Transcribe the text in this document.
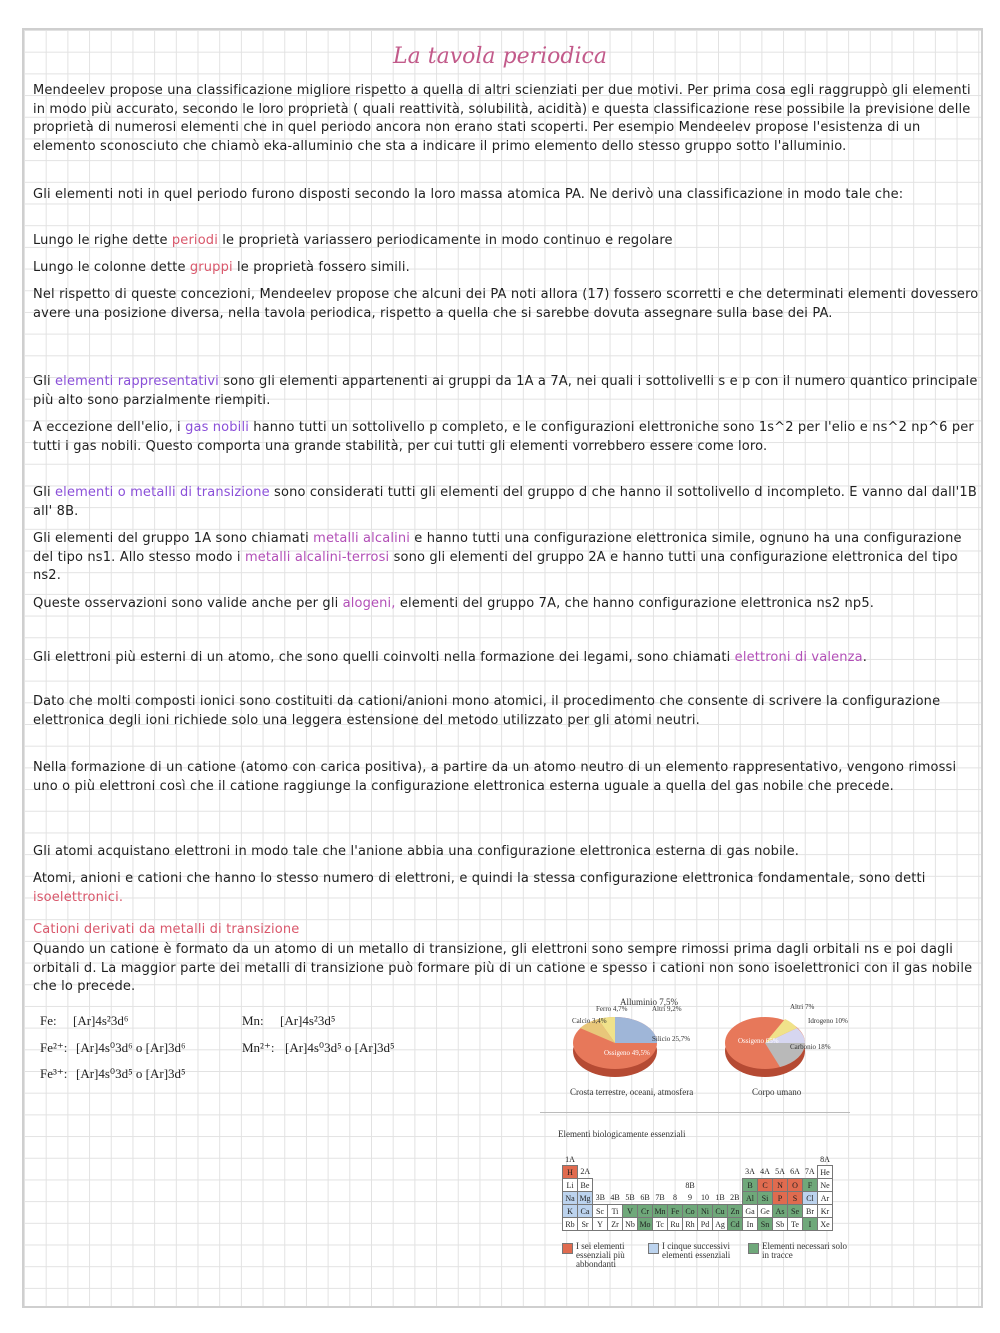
La tavola periodica
Mendeelev propose una classificazione migliore rispetto a quella di altri scienziati per due motivi. Per prima cosa egli raggruppò gli elementi in modo più accurato, secondo le loro proprietà ( quali reattività, solubilità, acidità) e questa classificazione rese possibile la previsione delle proprietà di numerosi elementi che in quel periodo ancora non erano stati scoperti. Per esempio Mendeelev propose l'esistenza di un elemento sconosciuto che chiamò eka-alluminio che sta a indicare il primo elemento dello stesso gruppo sotto l'alluminio.
Gli elementi noti in quel periodo furono disposti secondo la loro massa atomica PA. Ne derivò una classificazione in modo tale che:
Lungo le righe dette periodi le proprietà variassero periodicamente in modo continuo e regolare
Lungo le colonne dette gruppi le proprietà fossero simili.
Nel rispetto di queste concezioni, Mendeelev propose che alcuni dei PA noti allora (17) fossero scorretti e che determinati elementi dovessero avere una posizione diversa, nella tavola periodica, rispetto a quella che si sarebbe dovuta assegnare sulla base dei PA.
Gli elementi rappresentativi sono gli elementi appartenenti ai gruppi da 1A a 7A, nei quali i sottolivelli s e p con il numero quantico principale più alto sono parzialmente riempiti.
A eccezione dell'elio, i gas nobili hanno tutti un sottolivello p completo, e le configurazioni elettroniche sono 1s^2 per l'elio e ns^2 np^6 per tutti i gas nobili. Questo comporta una grande stabilità, per cui tutti gli elementi vorrebbero essere come loro.
Gli elementi o metalli di transizione sono considerati tutti gli elementi del gruppo d che hanno il sottolivello d incompleto. E vanno dal dall'1B all' 8B.
Gli elementi del gruppo 1A sono chiamati metalli alcalini e hanno tutti una configurazione elettronica simile, ognuno ha una configurazione del tipo ns1. Allo stesso modo i metalli alcalini-terrosi sono gli elementi del gruppo 2A e hanno tutti una configurazione elettronica del tipo ns2.
Queste osservazioni sono valide anche per gli alogeni, elementi del gruppo 7A, che hanno configurazione elettronica ns2 np5.
Gli elettroni più esterni di un atomo, che sono quelli coinvolti nella formazione dei legami, sono chiamati elettroni di valenza.
Dato che molti composti ionici sono costituiti da cationi/anioni mono atomici, il procedimento che consente di scrivere la configurazione elettronica degli ioni richiede solo una leggera estensione del metodo utilizzato per gli atomi neutri.
Nella formazione di un catione (atomo con carica positiva), a partire da un atomo neutro di un elemento rappresentativo, vengono rimossi uno o più elettroni così che il catione raggiunge la configurazione elettronica esterna uguale a quella del gas nobile che precede.
Gli atomi acquistano elettroni in modo tale che l'anione abbia una configurazione elettronica esterna di gas nobile.
Atomi, anioni e cationi che hanno lo stesso numero di elettroni, e quindi la stessa configurazione elettronica fondamentale, sono detti isoelettronici.
Cationi derivati da metalli di transizione
Quando un catione è formato da un atomo di un metallo di transizione, gli elettroni sono sempre rimossi prima dagli orbitali ns e poi dagli orbitali d. La maggior parte dei metalli di transizione può formare più di un catione e spesso i cationi non sono isoelettronici con il gas nobile che lo precede.
Fe: [Ar]4s²3d⁶
Fe²⁺: [Ar]4s⁰3d⁶ o [Ar]3d⁶
Fe³⁺: [Ar]4s⁰3d⁵ o [Ar]3d⁵
Mn: [Ar]4s²3d⁵
Mn²⁺: [Ar]4s⁰3d⁵ o [Ar]3d⁵
Alluminio 7,5%
Ferro 4,7%
Calcio 3,4%
Altri 9,2%
Silicio 25,7%
Ossigeno 49,5%
Crosta terrestre, oceani, atmosfera
Altri 7%
Idrogeno 10%
Ossigeno 65%
Carbonio 18%
Corpo umano
Elementi biologicamente essenziali
1A																	8A
H	2A											3A	4A	5A	6A	7A	He
Li	Be							8B				B	C	N	O	F	Ne
Na	Mg	3B	4B	5B	6B	7B	8	9	10	1B	2B	Al	Si	P	S	Cl	Ar
K	Ca	Sc	Ti	V	Cr	Mn	Fe	Co	Ni	Cu	Zn	Ga	Ge	As	Se	Br	Kr
Rb	Sr	Y	Zr	Nb	Mo	Tc	Ru	Rh	Pd	Ag	Cd	In	Sn	Sb	Te	I	Xe
I sei elementi essenziali più abbondanti
I cinque successivi elementi essenziali
Elementi necessari solo in tracce
